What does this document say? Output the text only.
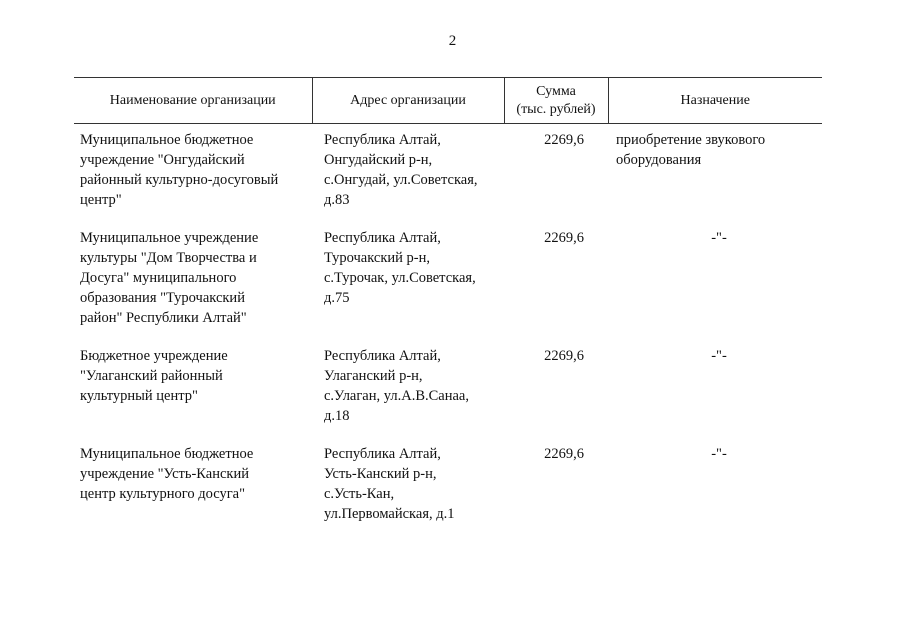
2
Наименование организации	Адрес организации	Сумма
(тыс. рублей)	Назначение

Муниципальное бюджетное
учреждение "Онгудайский
районный культурно-досуговый
центр"	Республика Алтай,
Онгудайский р-н,
с.Онгудай, ул.Советская,
д.83	2269,6	приобретение звукового
оборудования

Муниципальное учреждение
культуры "Дом Творчества и
Досуга" муниципального
образования "Турочакский
район" Республики Алтай"	Республика Алтай,
Турочакский р-н,
с.Турочак, ул.Советская,
д.75	2269,6	-"-

Бюджетное учреждение
"Улаганский районный
культурный центр"	Республика Алтай,
Улаганский р-н,
с.Улаган, ул.А.В.Санаа,
д.18	2269,6	-"-

Муниципальное бюджетное
учреждение "Усть-Канский
центр культурного досуга"	Республика Алтай,
Усть-Канский р-н,
с.Усть-Кан,
ул.Первомайская, д.1	2269,6	-"-
